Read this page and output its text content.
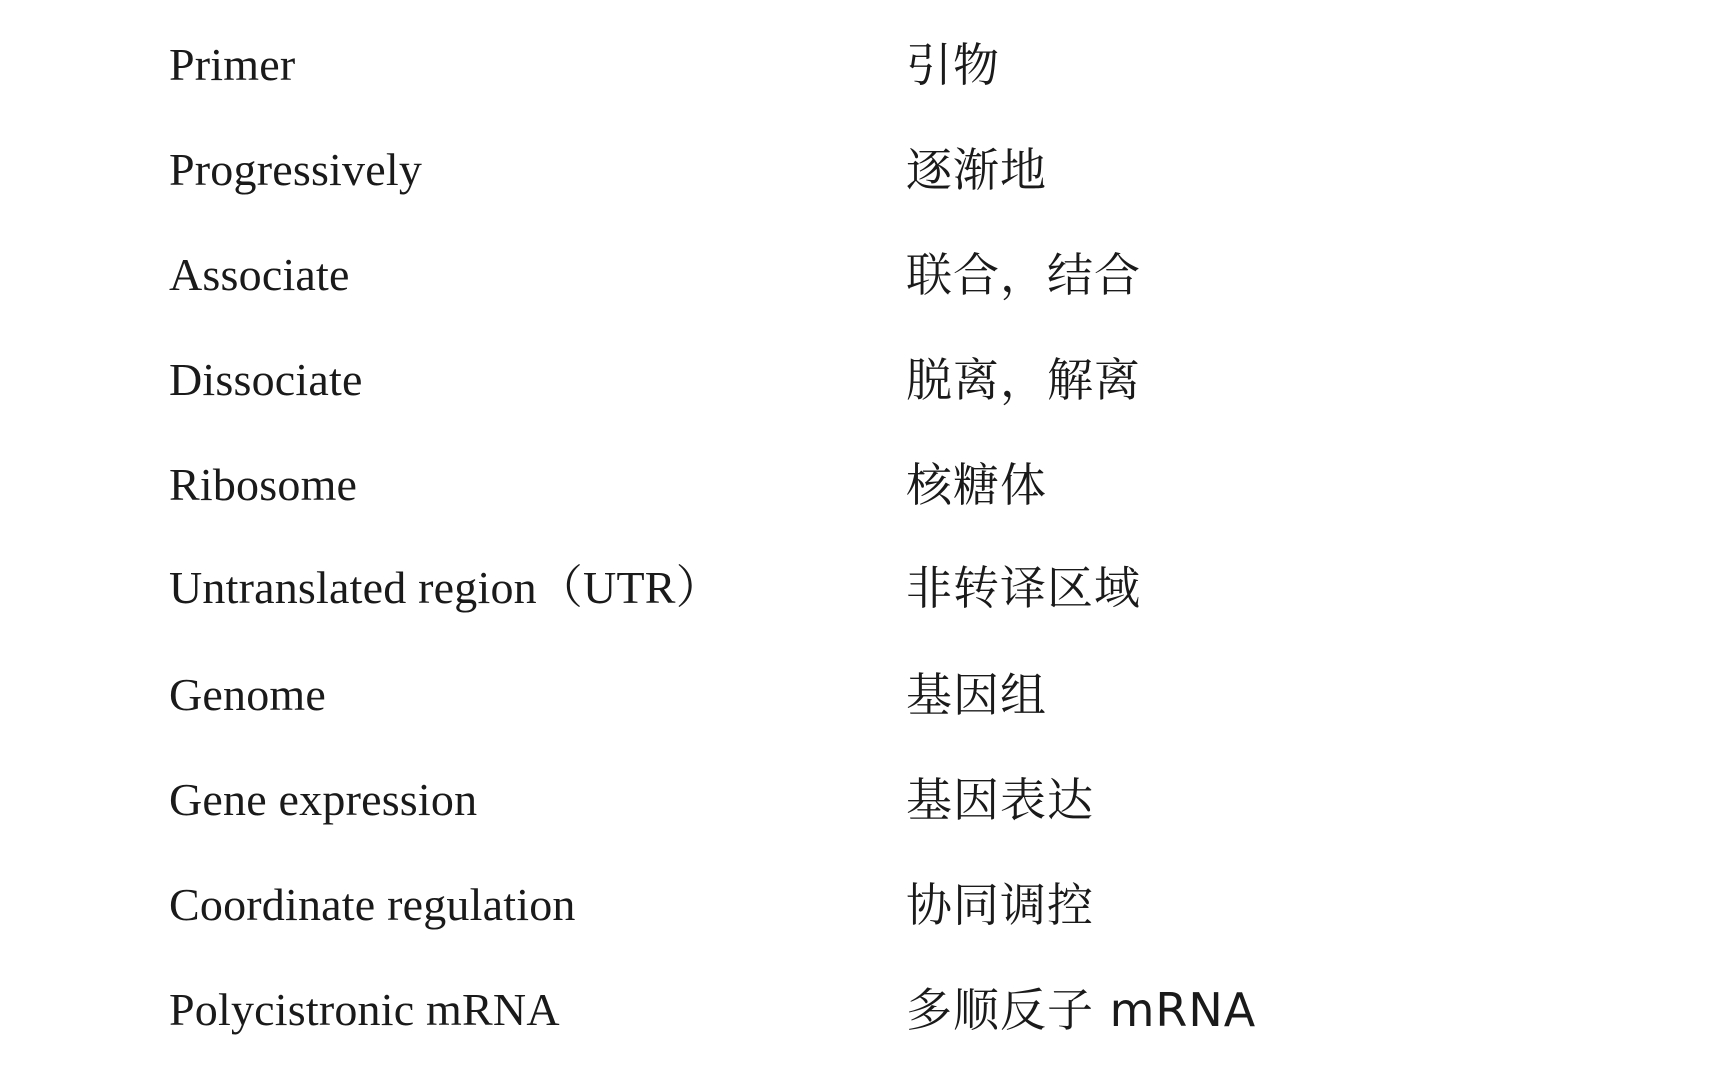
Primer	引物
Progressively	逐渐地
Associate	联合，结合
Dissociate	脱离，解离
Ribosome	核糖体
Untranslated region（UTR）	非转译区域
Genome	基因组
Gene expression	基因表达
Coordinate regulation	协同调控
Polycistronic mRNA	多顺反子 mRNA
